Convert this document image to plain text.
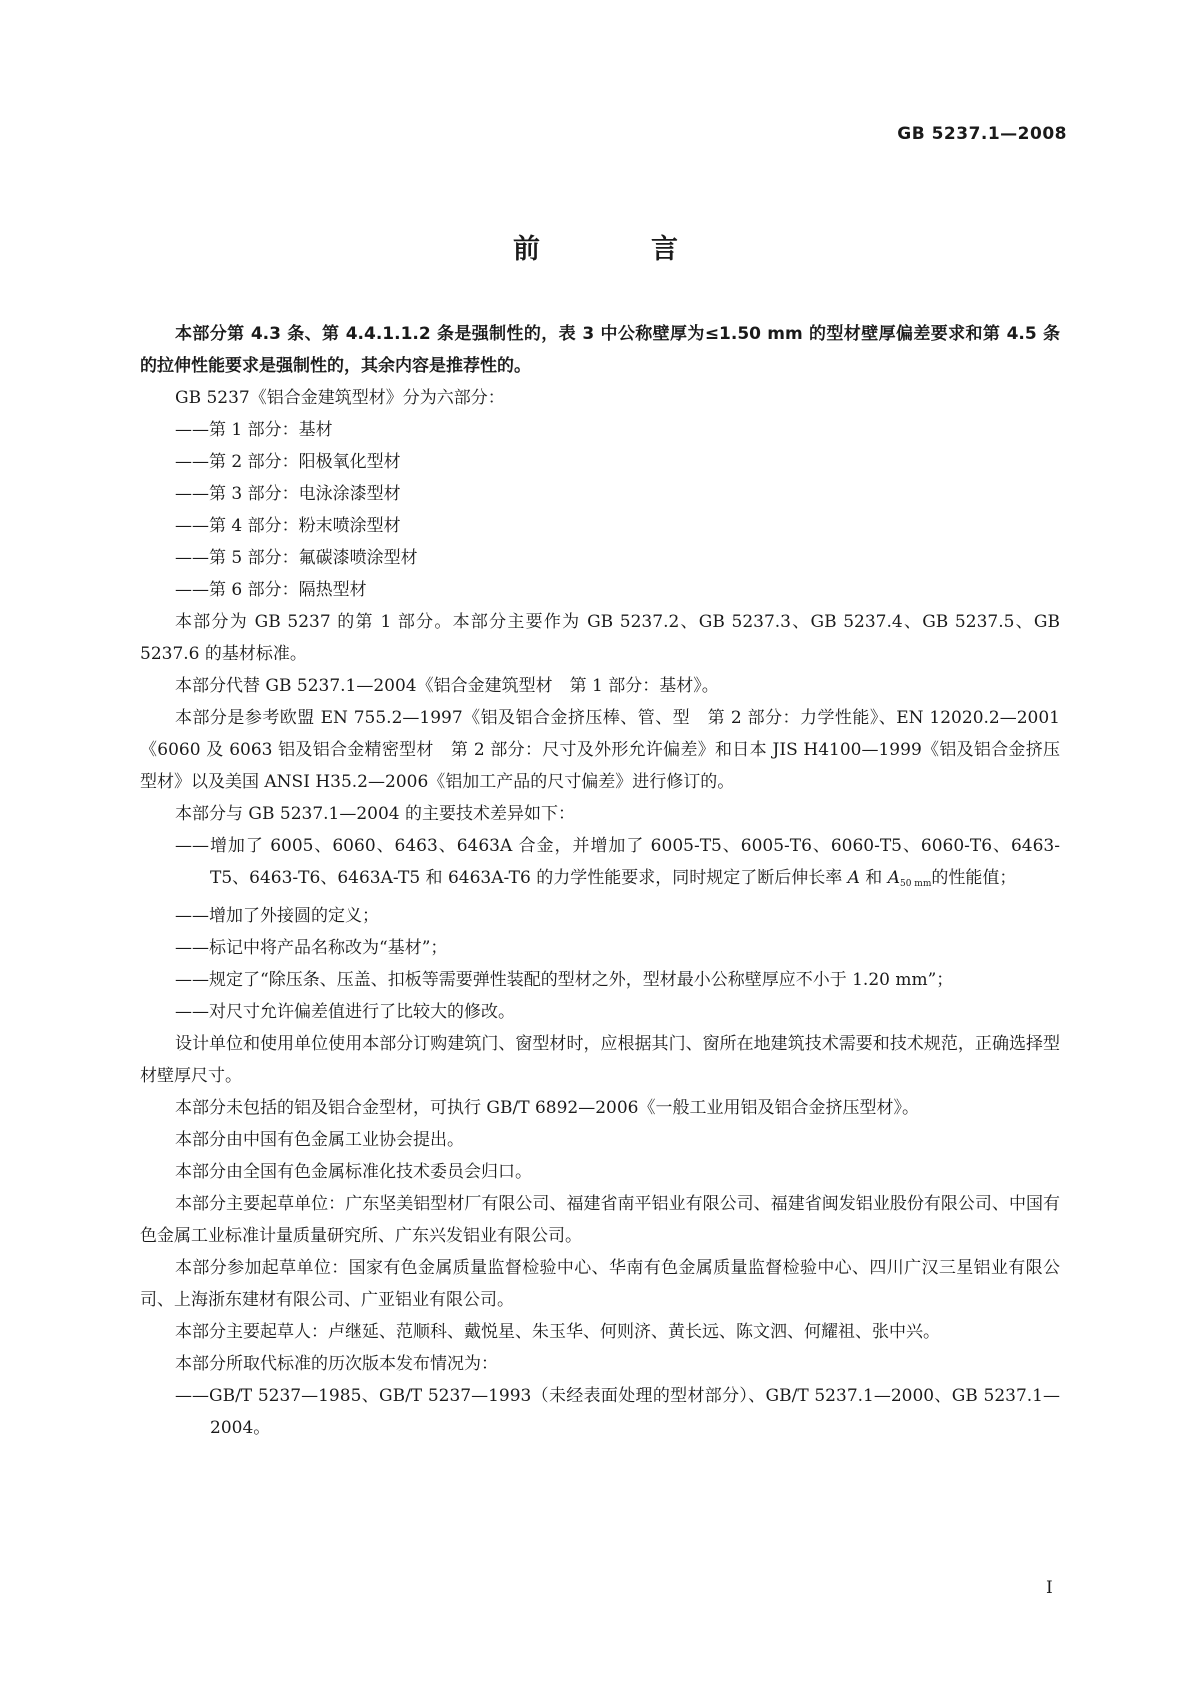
GB 5237.1—2008
前　言

本部分第 4.3 条、第 4.4.1.1.2 条是强制性的，表 3 中公称壁厚为≤1.50 mm 的型材壁厚偏差要求和第 4.5 条的拉伸性能要求是强制性的，其余内容是推荐性的。

GB 5237《铝合金建筑型材》分为六部分：

——第 1 部分：基材

——第 2 部分：阳极氧化型材

——第 3 部分：电泳涂漆型材

——第 4 部分：粉末喷涂型材

——第 5 部分：氟碳漆喷涂型材

——第 6 部分：隔热型材

本部分为 GB 5237 的第 1 部分。本部分主要作为 GB 5237.2、GB 5237.3、GB 5237.4、GB 5237.5、GB 5237.6 的基材标准。

本部分代替 GB 5237.1—2004《铝合金建筑型材　第 1 部分：基材》。

本部分是参考欧盟 EN 755.2—1997《铝及铝合金挤压棒、管、型　第 2 部分：力学性能》、EN 12020.2—2001《6060 及 6063 铝及铝合金精密型材　第 2 部分：尺寸及外形允许偏差》和日本 JIS H4100—1999《铝及铝合金挤压型材》以及美国 ANSI H35.2—2006《铝加工产品的尺寸偏差》进行修订的。

本部分与 GB 5237.1—2004 的主要技术差异如下：

——增加了 6005、6060、6463、6463A 合金，并增加了 6005-T5、6005-T6、6060-T5、6060-T6、6463-T5、6463-T6、6463A-T5 和 6463A-T6 的力学性能要求，同时规定了断后伸长率 A 和 $A_{50 mm}$的性能值；

——增加了外接圆的定义；

——标记中将产品名称改为“基材”；

——规定了“除压条、压盖、扣板等需要弹性装配的型材之外，型材最小公称壁厚应不小于 1.20 mm”；

——对尺寸允许偏差值进行了比较大的修改。

设计单位和使用单位使用本部分订购建筑门、窗型材时，应根据其门、窗所在地建筑技术需要和技术规范，正确选择型材壁厚尺寸。

本部分未包括的铝及铝合金型材，可执行 GB/T 6892—2006《一般工业用铝及铝合金挤压型材》。

本部分由中国有色金属工业协会提出。

本部分由全国有色金属标准化技术委员会归口。

本部分主要起草单位：广东坚美铝型材厂有限公司、福建省南平铝业有限公司、福建省闽发铝业股份有限公司、中国有色金属工业标准计量质量研究所、广东兴发铝业有限公司。

本部分参加起草单位：国家有色金属质量监督检验中心、华南有色金属质量监督检验中心、四川广汉三星铝业有限公司、上海浙东建材有限公司、广亚铝业有限公司。

本部分主要起草人：卢继延、范顺科、戴悦星、朱玉华、何则济、黄长远、陈文泗、何耀祖、张中兴。

本部分所取代标准的历次版本发布情况为：

——GB/T 5237—1985、GB/T 5237—1993（未经表面处理的型材部分）、GB/T 5237.1—2000、GB 5237.1—2004。

I
